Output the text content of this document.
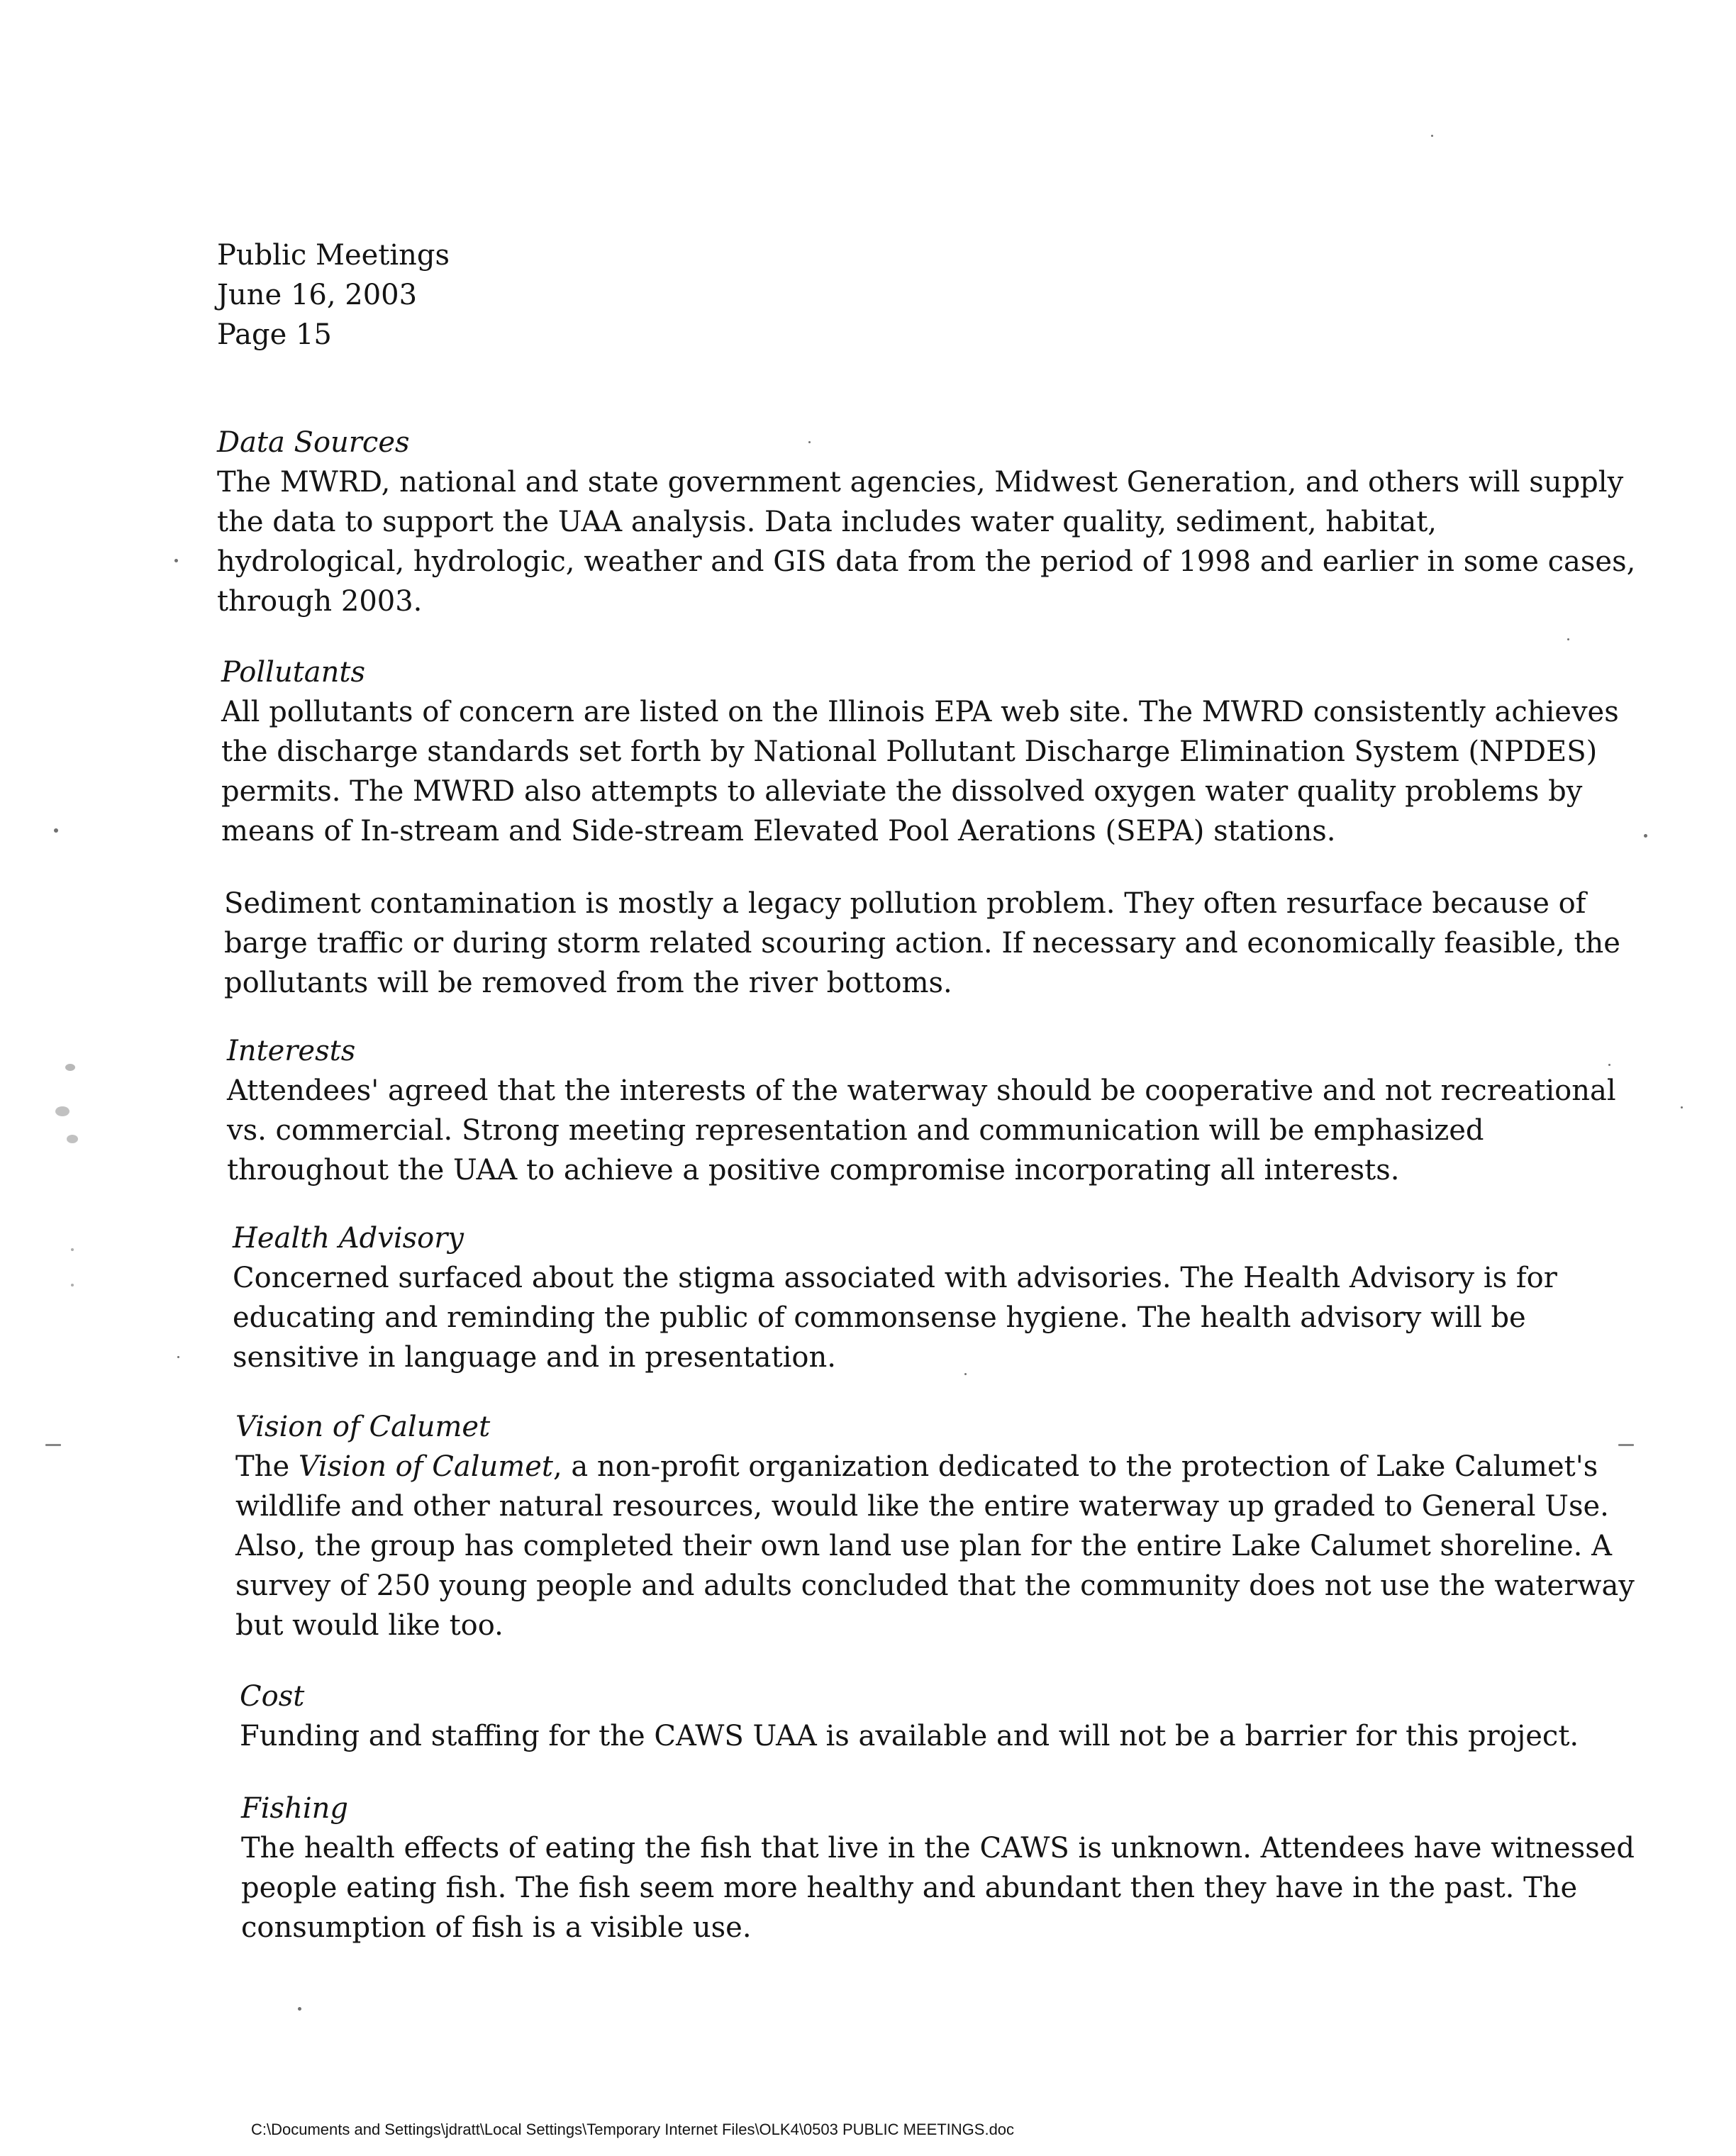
Public Meetings
June 16, 2003
Page 15
Data Sources
The MWRD, national and state government agencies, Midwest Generation, and others will supply
the data to support the UAA analysis. Data includes water quality, sediment, habitat,
hydrological, hydrologic, weather and GIS data from the period of 1998 and earlier in some cases,
through 2003.
Pollutants
All pollutants of concern are listed on the Illinois EPA web site. The MWRD consistently achieves
the discharge standards set forth by National Pollutant Discharge Elimination System (NPDES)
permits. The MWRD also attempts to alleviate the dissolved oxygen water quality problems by
means of In-stream and Side-stream Elevated Pool Aerations (SEPA) stations.
Sediment contamination is mostly a legacy pollution problem. They often resurface because of
barge traffic or during storm related scouring action. If necessary and economically feasible, the
pollutants will be removed from the river bottoms.
Interests
Attendees' agreed that the interests of the waterway should be cooperative and not recreational
vs. commercial. Strong meeting representation and communication will be emphasized
throughout the UAA to achieve a positive compromise incorporating all interests.
Health Advisory
Concerned surfaced about the stigma associated with advisories. The Health Advisory is for
educating and reminding the public of commonsense hygiene. The health advisory will be
sensitive in language and in presentation.
Vision of Calumet
The Vision of Calumet, a non-profit organization dedicated to the protection of Lake Calumet's
wildlife and other natural resources, would like the entire waterway up graded to General Use.
Also, the group has completed their own land use plan for the entire Lake Calumet shoreline. A
survey of 250 young people and adults concluded that the community does not use the waterway
but would like too.
Cost
Funding and staffing for the CAWS UAA is available and will not be a barrier for this project.
Fishing
The health effects of eating the fish that live in the CAWS is unknown. Attendees have witnessed
people eating fish. The fish seem more healthy and abundant then they have in the past. The
consumption of fish is a visible use.
C:\Documents and Settings\jdratt\Local Settings\Temporary Internet Files\OLK4\0503 PUBLIC MEETINGS.doc
